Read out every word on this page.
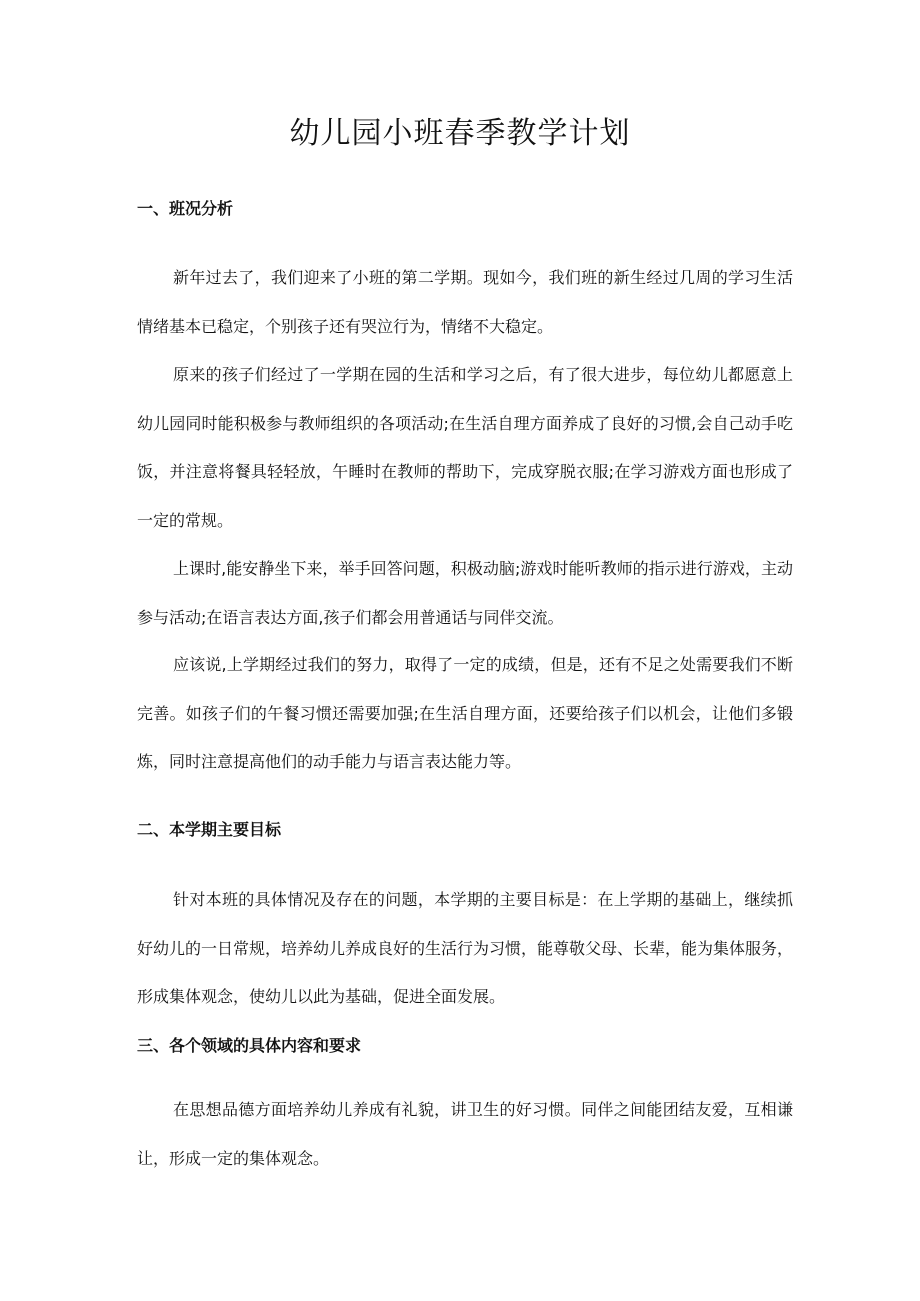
幼儿园小班春季教学计划
一、班况分析

新年过去了，我们迎来了小班的第二学期。现如今，我们班的新生经过几周的学习生活情绪基本已稳定，个别孩子还有哭泣行为，情绪不大稳定。

原来的孩子们经过了一学期在园的生活和学习之后，有了很大进步，每位幼儿都愿意上幼儿园同时能积极参与教师组织的各项活动;在生活自理方面养成了良好的习惯,会自己动手吃饭，并注意将餐具轻轻放，午睡时在教师的帮助下，完成穿脱衣服;在学习游戏方面也形成了一定的常规。

上课时,能安静坐下来，举手回答问题，积极动脑;游戏时能听教师的指示进行游戏，主动参与活动;在语言表达方面,孩子们都会用普通话与同伴交流。

应该说,上学期经过我们的努力，取得了一定的成绩，但是，还有不足之处需要我们不断完善。如孩子们的午餐习惯还需要加强;在生活自理方面，还要给孩子们以机会，让他们多锻炼，同时注意提高他们的动手能力与语言表达能力等。

二、本学期主要目标

针对本班的具体情况及存在的问题，本学期的主要目标是：在上学期的基础上，继续抓好幼儿的一日常规，培养幼儿养成良好的生活行为习惯，能尊敬父母、长辈，能为集体服务，形成集体观念，使幼儿以此为基础，促进全面发展。

三、各个领域的具体内容和要求

在思想品德方面培养幼儿养成有礼貌，讲卫生的好习惯。同伴之间能团结友爱，互相谦让，形成一定的集体观念。
